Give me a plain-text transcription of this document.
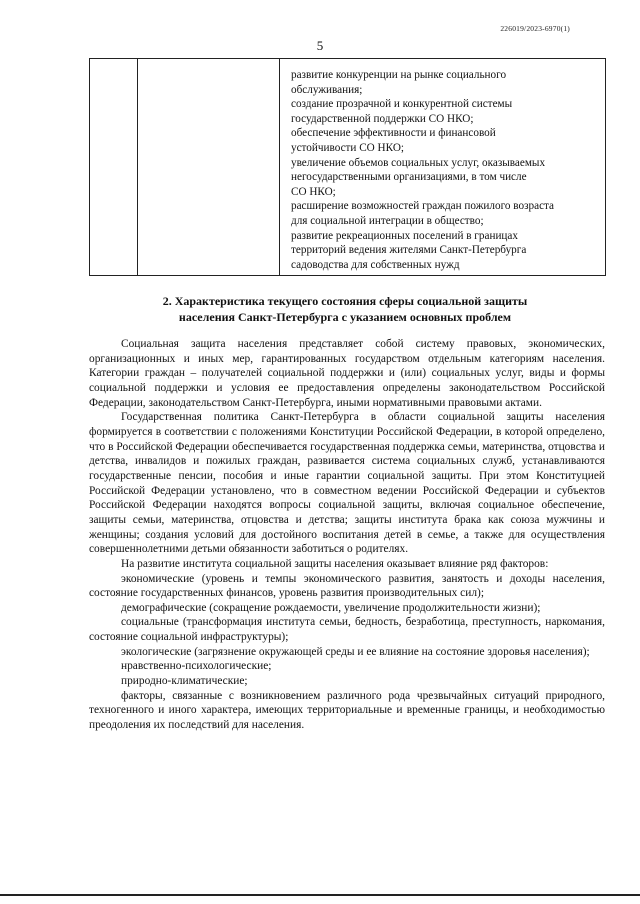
226019/2023-6970(1)
5

развитие конкуренции на рынке социального

обслуживания;

создание прозрачной и конкурентной системы

государственной поддержки СО НКО;

обеспечение эффективности и финансовой

устойчивости СО НКО;

увеличение объемов социальных услуг, оказываемых

негосударственными организациями, в том числе

СО НКО;

расширение возможностей граждан пожилого возраста

для социальной интеграции в общество;

развитие рекреационных поселений в границах

территорий ведения жителями Санкт-Петербурга

садоводства для собственных нужд

2. Характеристика текущего состояния сферы социальной защиты
населения Санкт-Петербурга с указанием основных проблем

Социальная защита населения представляет собой систему правовых, экономических, организационных и иных мер, гарантированных государством отдельным категориям населения. Категории граждан – получателей социальной поддержки и (или) социальных услуг, виды и формы социальной поддержки и условия ее предоставления определены законодательством Российской Федерации, законодательством Санкт-Петербурга, иными нормативными правовыми актами.

Государственная политика Санкт-Петербурга в области социальной защиты населения формируется в соответствии с положениями Конституции Российской Федерации, в которой определено, что в Российской Федерации обеспечивается государственная поддержка семьи, материнства, отцовства и детства, инвалидов и пожилых граждан, развивается система социальных служб, устанавливаются государственные пенсии, пособия и иные гарантии социальной защиты. При этом Конституцией Российской Федерации установлено, что в совместном ведении Российской Федерации и субъектов Российской Федерации находятся вопросы социальной защиты, включая социальное обеспечение, защиты семьи, материнства, отцовства и детства; защиты института брака как союза мужчины и женщины; создания условий для достойного воспитания детей в семье, а также для осуществления совершеннолетними детьми обязанности заботиться о родителях.

На развитие института социальной защиты населения оказывает влияние ряд факторов:

экономические (уровень и темпы экономического развития, занятость и доходы населения, состояние государственных финансов, уровень развития производительных сил);

демографические (сокращение рождаемости, увеличение продолжительности жизни);

социальные (трансформация института семьи, бедность, безработица, преступность, наркомания, состояние социальной инфраструктуры);

экологические (загрязнение окружающей среды и ее влияние на состояние здоровья населения);

нравственно-психологические;

природно-климатические;

факторы, связанные с возникновением различного рода чрезвычайных ситуаций природного, техногенного и иного характера, имеющих территориальные и временные границы, и необходимостью преодоления их последствий для населения.
